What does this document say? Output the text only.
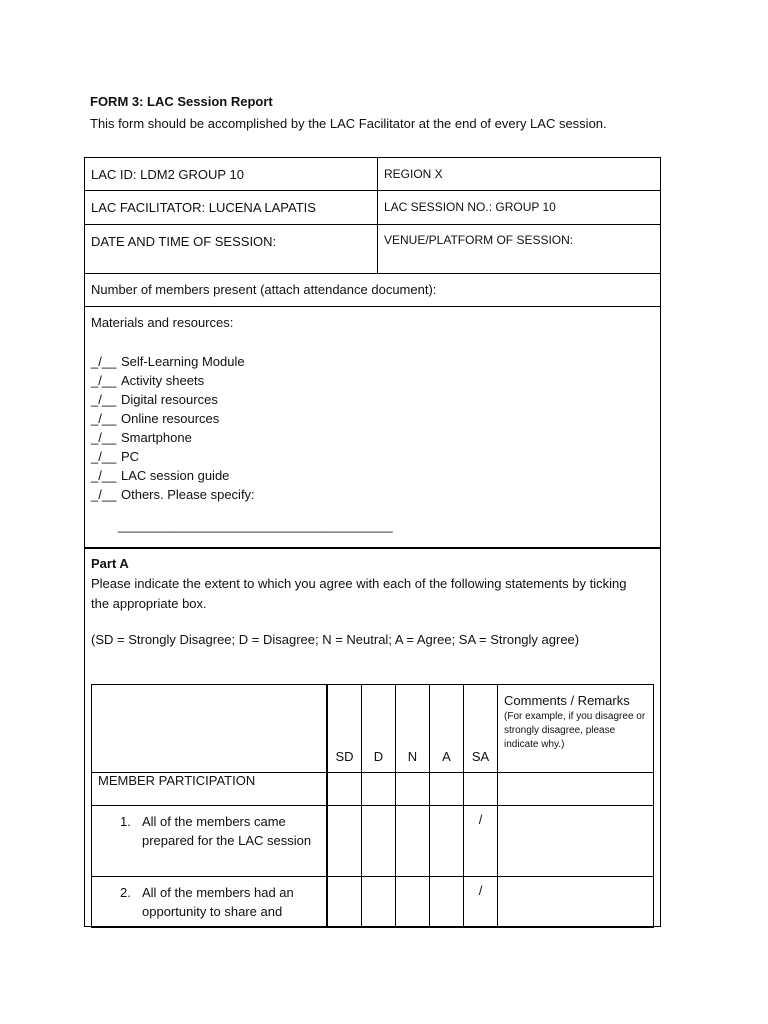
FORM 3: LAC Session Report
This form should be accomplished by the LAC Facilitator at the end of every LAC session.
LAC ID: LDM2 GROUP 10	REGION X
LAC FACILITATOR: LUCENA LAPATIS	LAC SESSION NO.: GROUP 10
DATE AND TIME OF SESSION:	VENUE/PLATFORM OF SESSION:
Number of members present (attach attendance document):
Materials and resources:
_/__ Self-Learning Module
_/__ Activity sheets
_/__ Digital resources
_/__ Online resources
_/__ Smartphone
_/__ PC
_/__ LAC session guide
_/__ Others. Please specify:
______________________________________
Part A
Please indicate the extent to which you agree with each of the following statements by ticking the appropriate box.
(SD = Strongly Disagree; D = Disagree; N = Neutral; A = Agree; SA = Strongly agree)
	SD	D	N	A	SA	Comments / Remarks
(For example, if you disagree or strongly disagree, please indicate why.)

MEMBER PARTICIPATION						

1. All of the members came prepared for the LAC session					/	

2. All of the members had an opportunity to share and					/	
